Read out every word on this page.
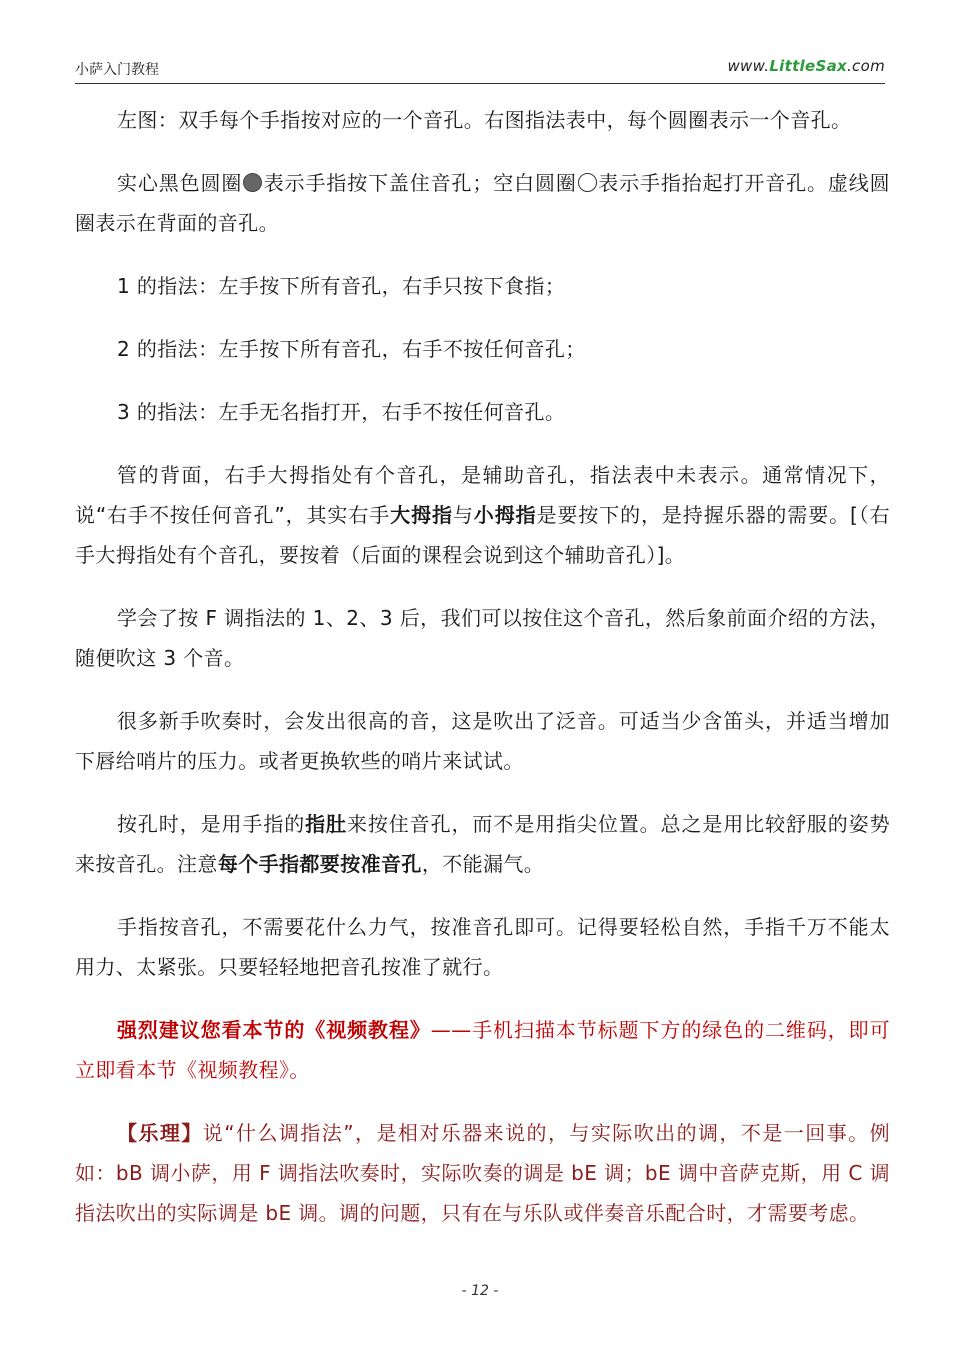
小萨入门教程	www.LittleSax.com

左图：双手每个手指按对应的一个音孔。右图指法表中，每个圆圈表示一个音孔。

实心黑色圆圈 表示手指按下盖住音孔；空白圆圈 表示手指抬起打开音孔。虚线圆圈表示在背面的音孔。

1 的指法：左手按下所有音孔，右手只按下食指；

2 的指法：左手按下所有音孔，右手不按任何音孔；

3 的指法：左手无名指打开，右手不按任何音孔。

管的背面，右手大拇指处有个音孔，是辅助音孔，指法表中未表示。通常情况下，说“右手不按任何音孔”，其实右手大拇指与小拇指是要按下的，是持握乐器的需要。[（右手大拇指处有个音孔，要按着（后面的课程会说到这个辅助音孔）]。

学会了按 F 调指法的 1、2、3 后，我们可以按住这个音孔，然后象前面介绍的方法，随便吹这 3 个音。

很多新手吹奏时，会发出很高的音，这是吹出了泛音。可适当少含笛头，并适当增加下唇给哨片的压力。或者更换软些的哨片来试试。

按孔时，是用手指的指肚来按住音孔，而不是用指尖位置。总之是用比较舒服的姿势来按音孔。注意每个手指都要按准音孔，不能漏气。

手指按音孔，不需要花什么力气，按准音孔即可。记得要轻松自然，手指千万不能太用力、太紧张。只要轻轻地把音孔按准了就行。

强烈建议您看本节的《视频教程》——手机扫描本节标题下方的绿色的二维码，即可立即看本节《视频教程》。

【乐理】说“什么调指法”，是相对乐器来说的，与实际吹出的调，不是一回事。例如：bB 调小萨，用 F 调指法吹奏时，实际吹奏的调是 bE 调；bE 调中音萨克斯，用 C 调指法吹出的实际调是 bE 调。调的问题，只有在与乐队或伴奏音乐配合时，才需要考虑。

- 12 -
